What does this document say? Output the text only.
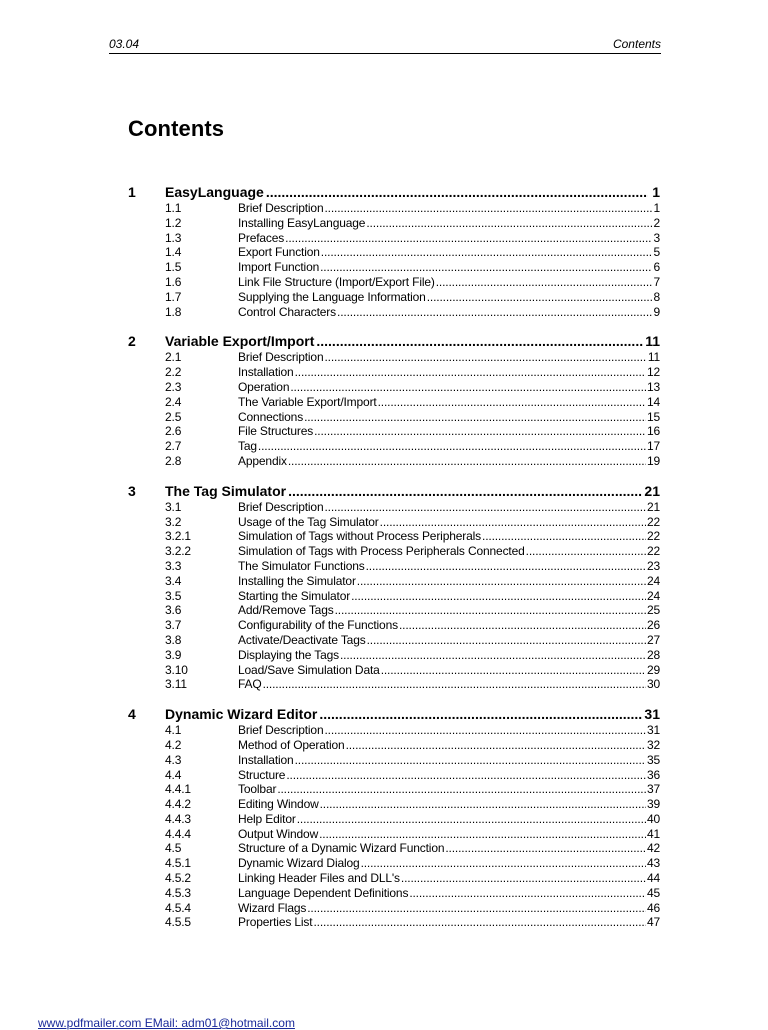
03.04	Contents
Contents
1	EasyLanguage .....	1
1.1	Brief Description .....	1
1.2	Installing EasyLanguage .....	2
1.3	Prefaces .....	3
1.4	Export Function .....	5
1.5	Import Function .....	6
1.6	Link File Structure (Import/Export File) .....	7
1.7	Supplying the Language Information .....	8
1.8	Control Characters .....	9
2	Variable Export/Import .....	11
2.1	Brief Description .....	11
2.2	Installation .....	12
2.3	Operation .....	13
2.4	The Variable Export/Import .....	14
2.5	Connections .....	15
2.6	File Structures .....	16
2.7	Tag .....	17
2.8	Appendix .....	19
3	The Tag Simulator .....	21
3.1	Brief Description .....	21
3.2	Usage of the Tag Simulator .....	22
3.2.1	Simulation of Tags without Process Peripherals .....	22
3.2.2	Simulation of Tags with Process Peripherals Connected .....	22
3.3	The Simulator Functions .....	23
3.4	Installing the Simulator .....	24
3.5	Starting the Simulator .....	24
3.6	Add/Remove Tags .....	25
3.7	Configurability of the Functions .....	26
3.8	Activate/Deactivate Tags .....	27
3.9	Displaying the Tags .....	28
3.10	Load/Save Simulation Data .....	29
3.11	FAQ .....	30
4	Dynamic Wizard Editor .....	31
4.1	Brief Description .....	31
4.2	Method of Operation .....	32
4.3	Installation .....	35
4.4	Structure .....	36
4.4.1	Toolbar .....	37
4.4.2	Editing Window .....	39
4.4.3	Help Editor .....	40
4.4.4	Output Window .....	41
4.5	Structure of a Dynamic Wizard Function .....	42
4.5.1	Dynamic Wizard Dialog .....	43
4.5.2	Linking Header Files and DLL's .....	44
4.5.3	Language Dependent Definitions .....	45
4.5.4	Wizard Flags .....	46
4.5.5	Properties List .....	47
www.pdfmailer.com EMail: adm01@hotmail.com
